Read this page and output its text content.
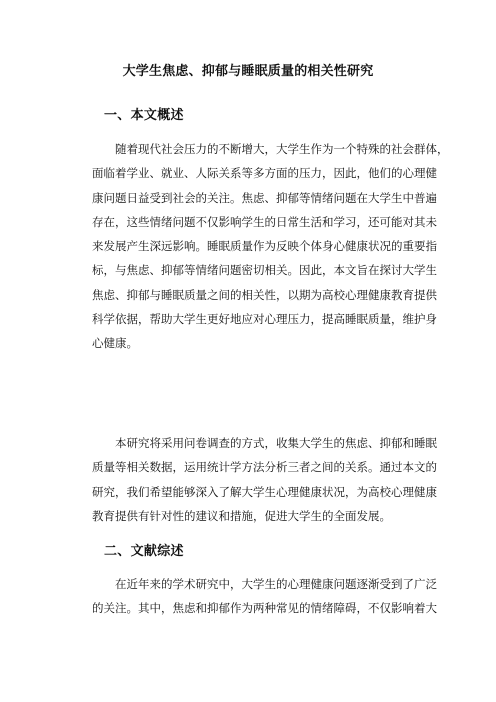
大学生焦虑、抑郁与睡眠质量的相关性研究
一、本文概述
随着现代社会压力的不断增大，大学生作为一个特殊的社会群体，
面临着学业、就业、人际关系等多方面的压力，因此，他们的心理健
康问题日益受到社会的关注。焦虑、抑郁等情绪问题在大学生中普遍
存在，这些情绪问题不仅影响学生的日常生活和学习，还可能对其未
来发展产生深远影响。睡眠质量作为反映个体身心健康状况的重要指
标，与焦虑、抑郁等情绪问题密切相关。因此，本文旨在探讨大学生
焦虑、抑郁与睡眠质量之间的相关性，以期为高校心理健康教育提供
科学依据，帮助大学生更好地应对心理压力，提高睡眠质量，维护身
心健康。
本研究将采用问卷调查的方式，收集大学生的焦虑、抑郁和睡眠
质量等相关数据，运用统计学方法分析三者之间的关系。通过本文的
研究，我们希望能够深入了解大学生心理健康状况，为高校心理健康
教育提供有针对性的建议和措施，促进大学生的全面发展。
二、文献综述
在近年来的学术研究中，大学生的心理健康问题逐渐受到了广泛
的关注。其中，焦虑和抑郁作为两种常见的情绪障碍，不仅影响着大
